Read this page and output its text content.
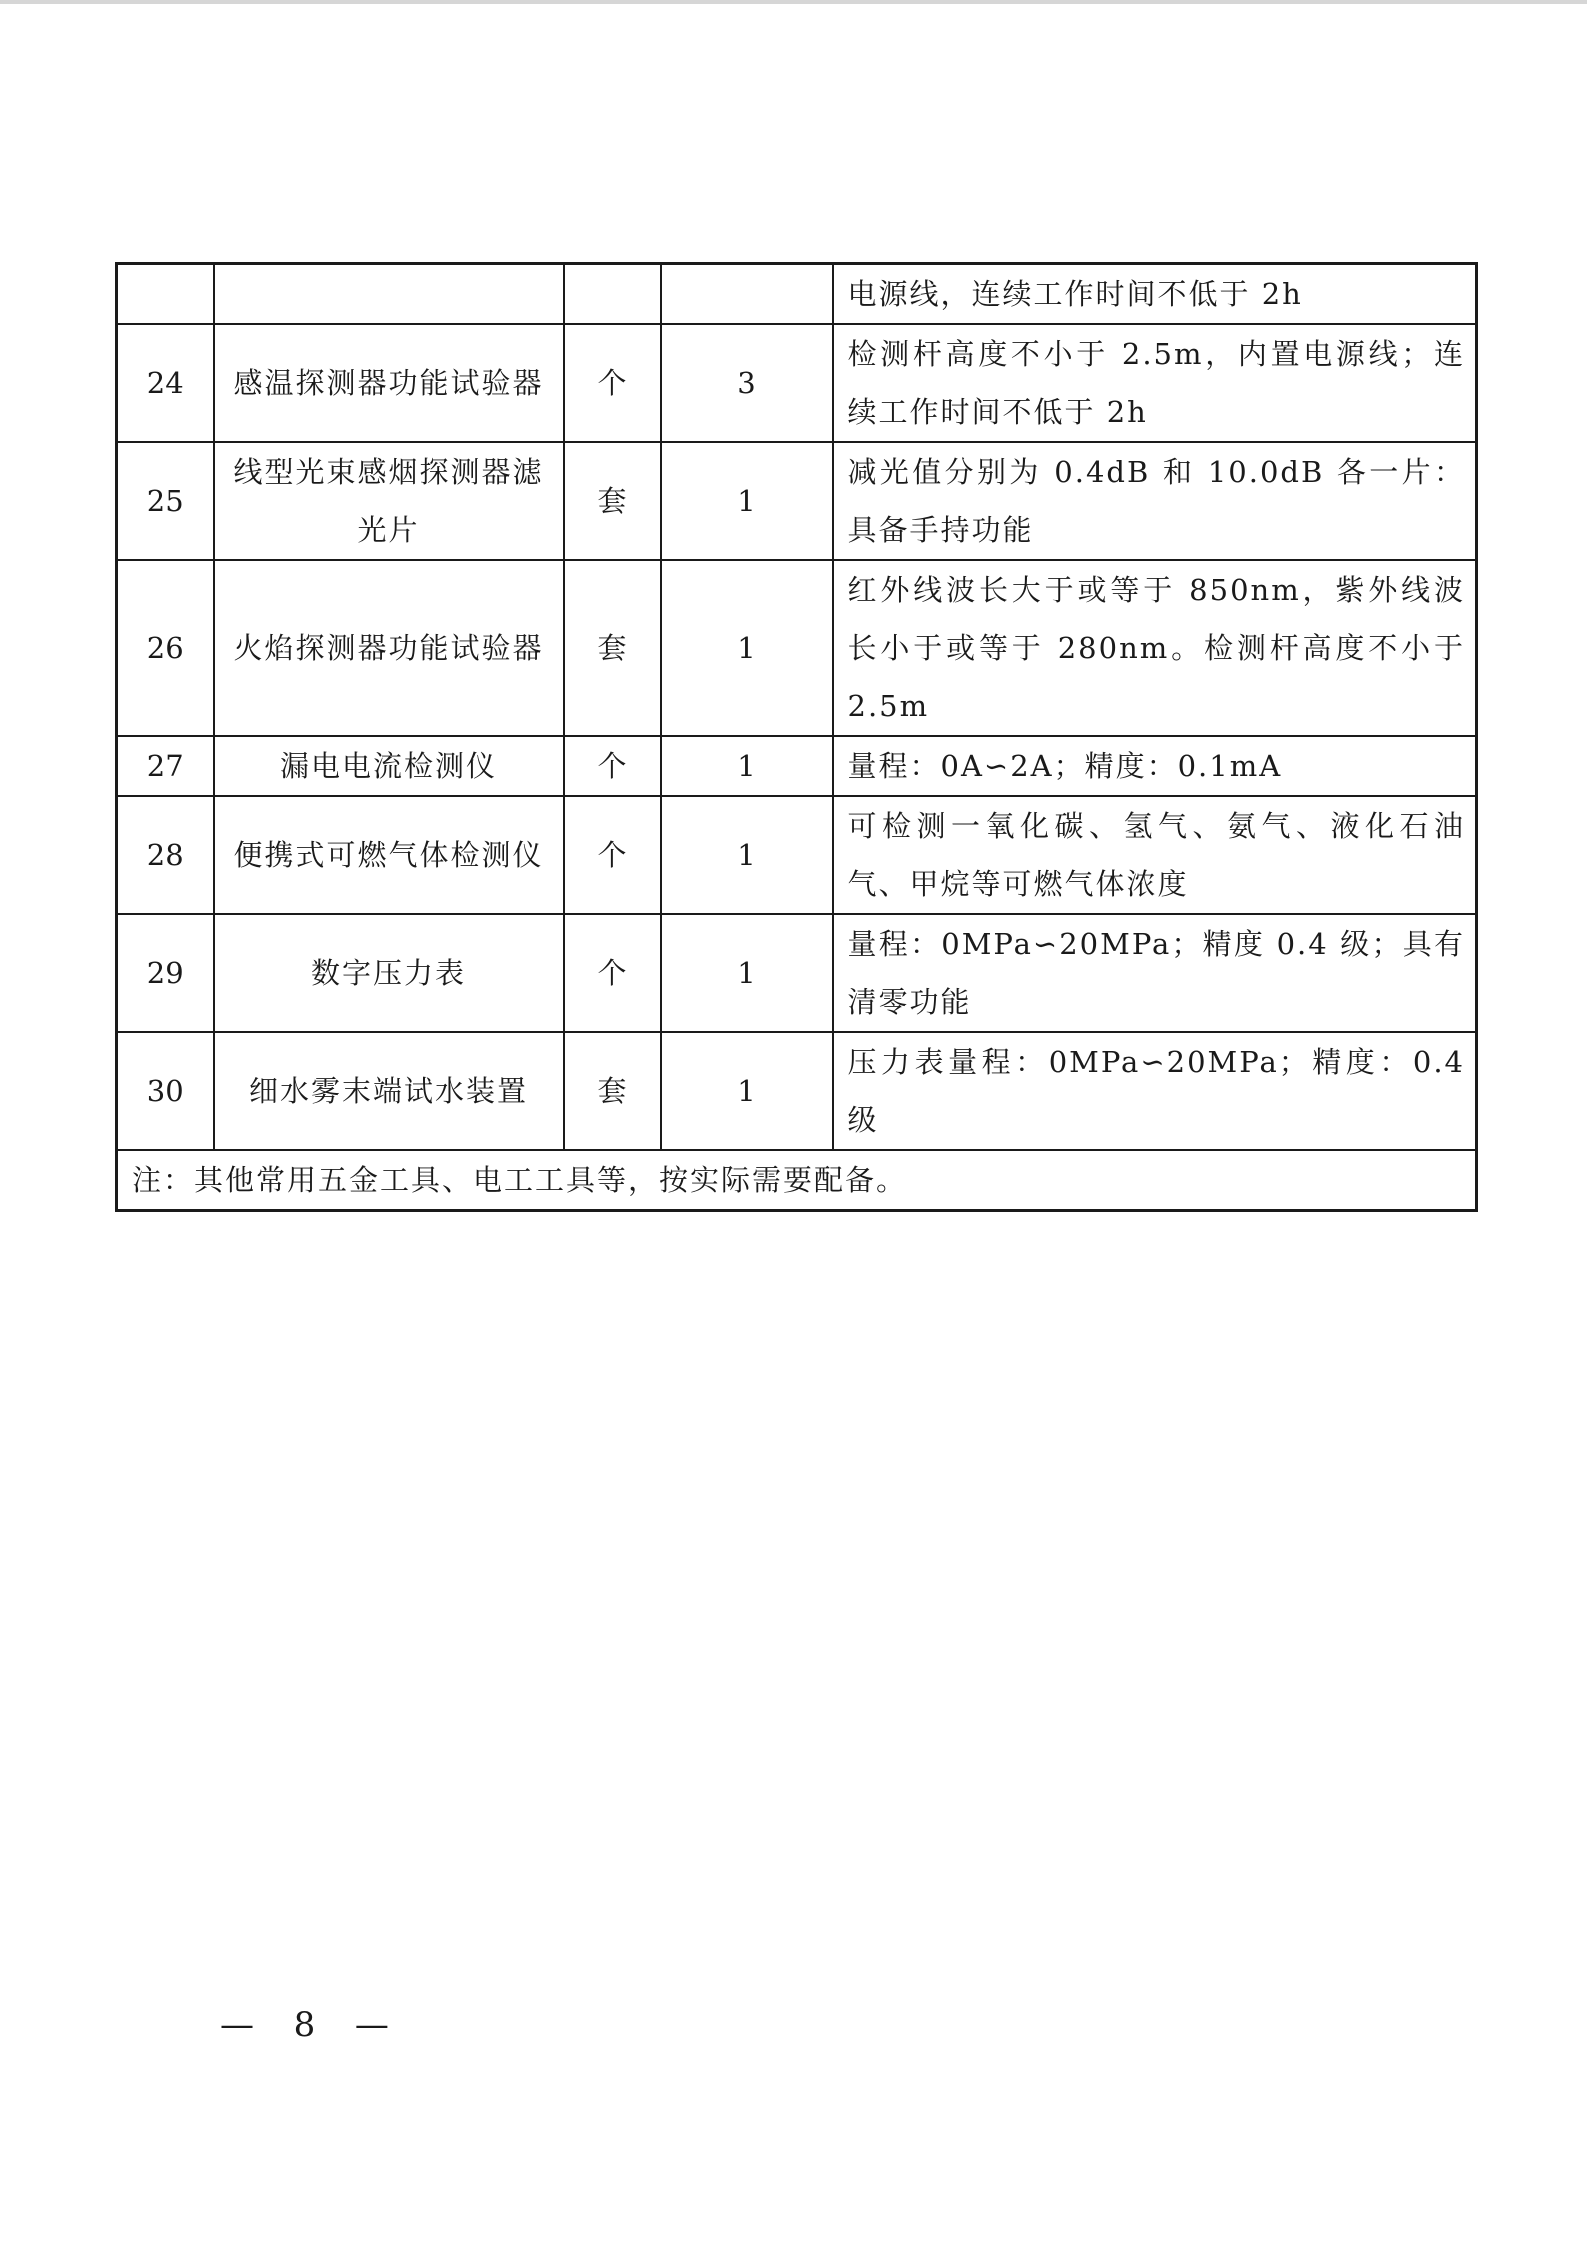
				电源线，连续工作时间不低于 2h
24	感温探测器功能试验器	个	3	检测杆高度不小于 2.5m，内置电源线；连续工作时间不低于 2h
25	线型光束感烟探测器滤光片	套	1	减光值分别为 0.4dB 和 10.0dB 各一片：具备手持功能
26	火焰探测器功能试验器	套	1	红外线波长大于或等于 850nm，紫外线波长小于或等于 280nm。检测杆高度不小于 2.5m
27	漏电电流检测仪	个	1	量程：0A∽2A；精度：0.1mA
28	便携式可燃气体检测仪	个	1	可检测一氧化碳、氢气、氨气、液化石油气、甲烷等可燃气体浓度
29	数字压力表	个	1	量程：0MPa∽20MPa；精度 0.4 级；具有清零功能
30	细水雾末端试水装置	套	1	压力表量程：0MPa∽20MPa；精度：0.4 级
注：其他常用五金工具、电工工具等，按实际需要配备。				
—  8  —
